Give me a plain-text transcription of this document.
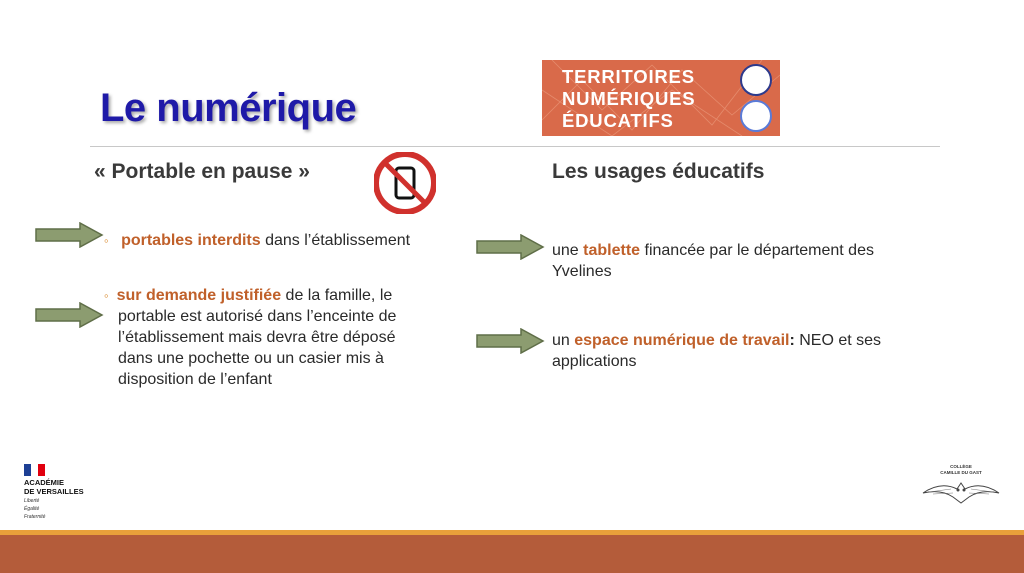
Le numérique
TERRITOIRES
NUMÉRIQUES
ÉDUCATIFS
« Portable en pause »	Les usages éducatifs
◦ portables interdits dans l’établissement
◦ sur demande justifiée de la famille, le portable est autorisé dans l’enceinte de l’établissement mais devra être déposé dans une pochette ou un casier mis à disposition de l’enfant
une tablette financée par le département des Yvelines
un espace numérique de travail: NEO et ses applications
ACADÉMIE
DE VERSAILLES
Liberté
Égalité
Fraternité
COLLÈGE
CAMILLE DU GAST
